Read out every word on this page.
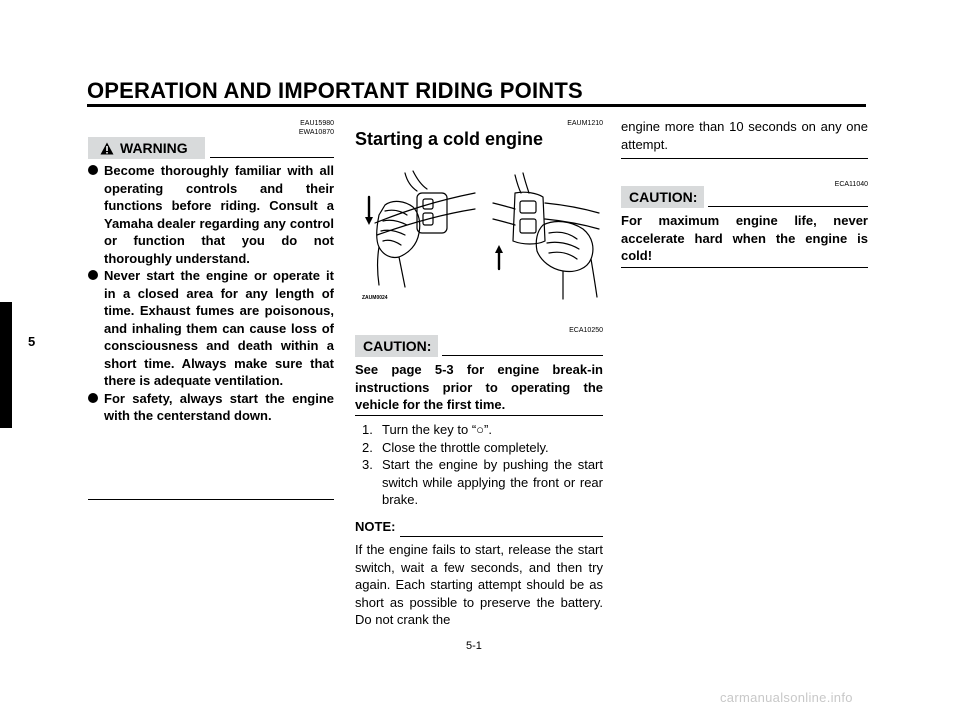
OPERATION AND IMPORTANT RIDING POINTS
5
EAU15980
EWA10870
WARNING
Become thoroughly familiar with all operating controls and their functions before riding. Consult a Yamaha dealer regarding any control or function that you do not thoroughly understand.
Never start the engine or operate it in a closed area for any length of time. Exhaust fumes are poisonous, and inhaling them can cause loss of consciousness and death within a short time. Always make sure that there is adequate ventilation.
For safety, always start the engine with the centerstand down.
EAUM1210
Starting a cold engine
ZAUM0024
ECA10250
CAUTION:
See page 5-3 for engine break-in instructions prior to operating the vehicle for the first time.
1. Turn the key to “○”.
2. Close the throttle completely.
3. Start the engine by pushing the start switch while applying the front or rear brake.
NOTE:
If the engine fails to start, release the start switch, wait a few seconds, and then try again. Each starting attempt should be as short as possible to preserve the battery. Do not crank the
engine more than 10 seconds on any one attempt.
ECA11040
CAUTION:
For maximum engine life, never accelerate hard when the engine is cold!
5-1
carmanualsonline.info
